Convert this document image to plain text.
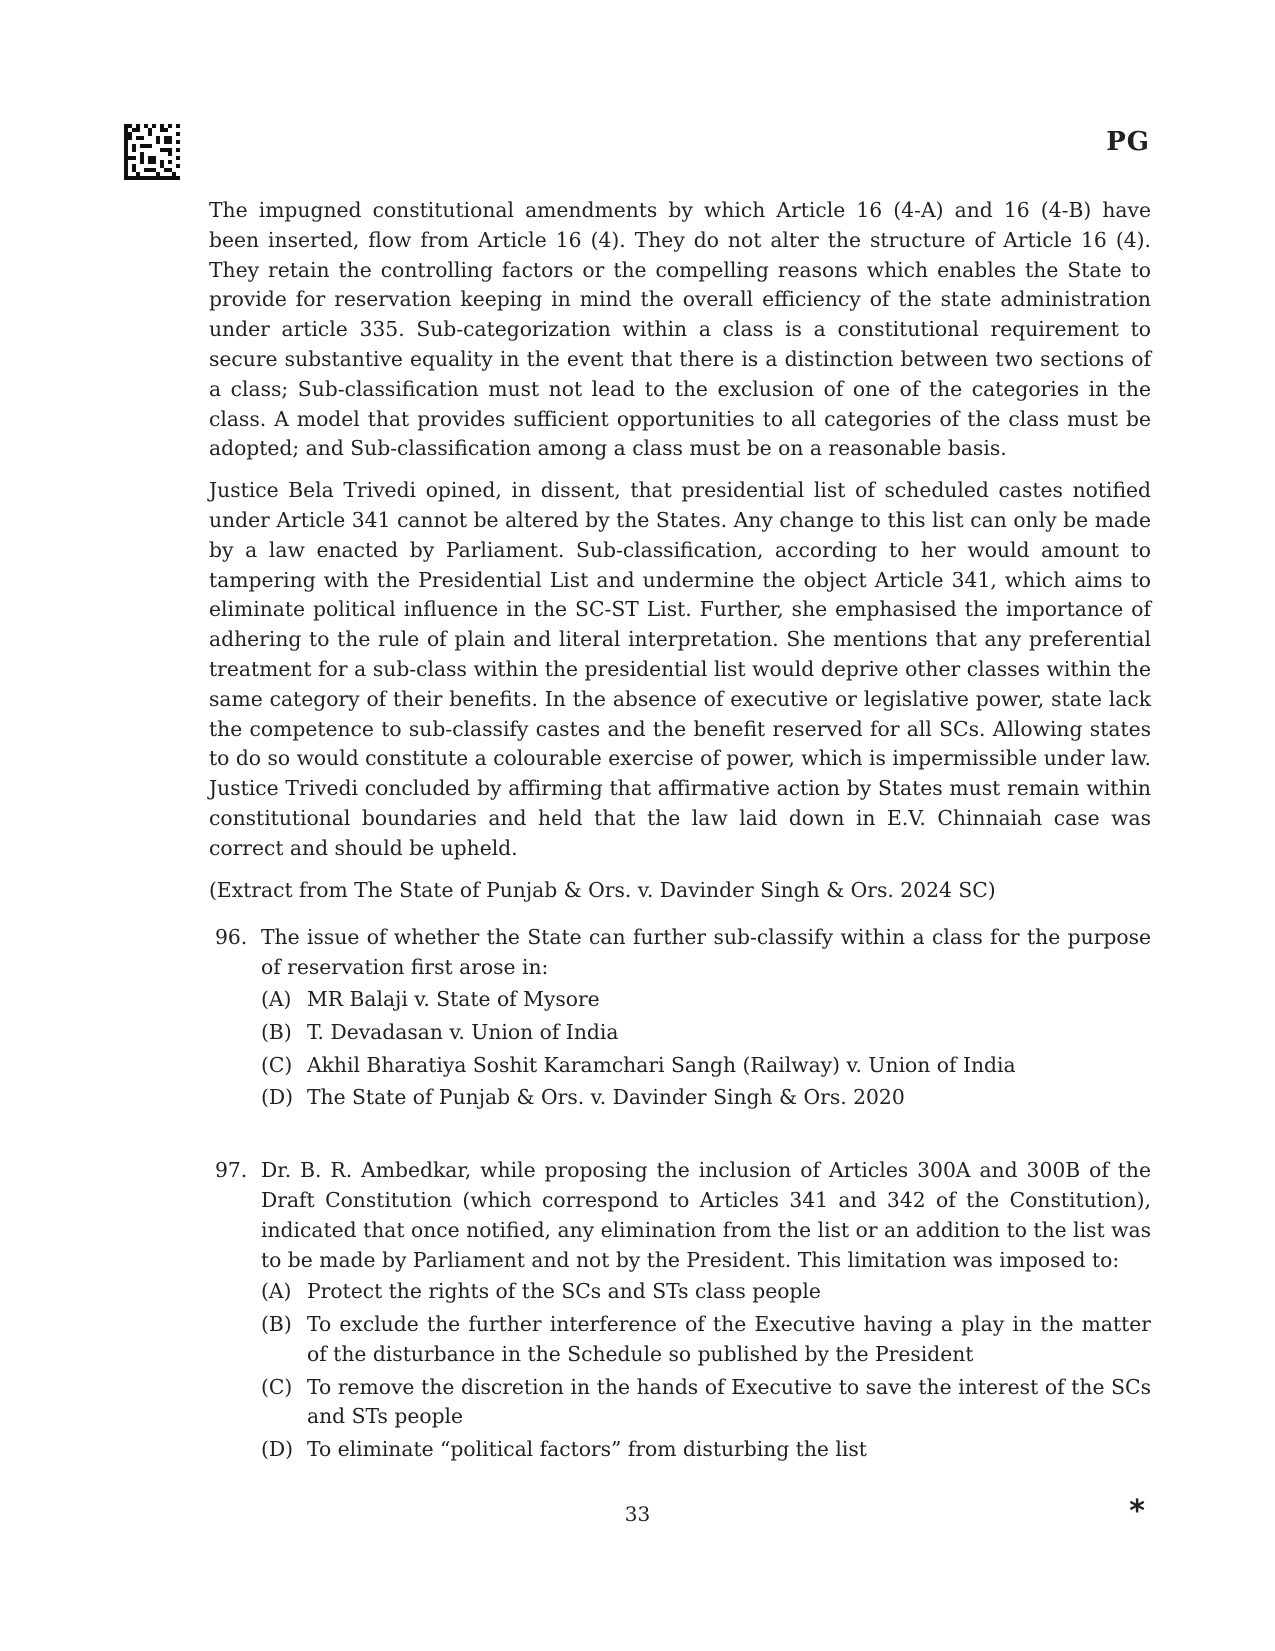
PG

The impugned constitutional amendments by which Article 16 (4-A) and 16 (4-B) have been inserted, flow from Article 16 (4). They do not alter the structure of Article 16 (4). They retain the controlling factors or the compelling reasons which enables the State to provide for reservation keeping in mind the overall efficiency of the state administration under article 335. Sub-categorization within a class is a constitutional requirement to secure substantive equality in the event that there is a distinction between two sections of a class; Sub-classification must not lead to the exclusion of one of the categories in the class. A model that provides sufficient opportunities to all categories of the class must be adopted; and Sub-classification among a class must be on a reasonable basis.

Justice Bela Trivedi opined, in dissent, that presidential list of scheduled castes notified under Article 341 cannot be altered by the States. Any change to this list can only be made by a law enacted by Parliament. Sub-classification, according to her would amount to tampering with the Presidential List and undermine the object Article 341, which aims to eliminate political influence in the SC-ST List. Further, she emphasised the importance of adhering to the rule of plain and literal interpretation. She mentions that any preferential treatment for a sub-class within the presidential list would deprive other classes within the same category of their benefits. In the absence of executive or legislative power, state lack the competence to sub-classify castes and the benefit reserved for all SCs. Allowing states to do so would constitute a colourable exercise of power, which is impermissible under law. Justice Trivedi concluded by affirming that affirmative action by States must remain within constitutional boundaries and held that the law laid down in E.V. Chinnaiah case was correct and should be upheld.

(Extract from The State of Punjab & Ors. v. Davinder Singh & Ors. 2024 SC)

96. The issue of whether the State can further sub-classify within a class for the purpose of reservation first arose in:

(A) MR Balaji v. State of Mysore
(B) T. Devadasan v. Union of India
(C) Akhil Bharatiya Soshit Karamchari Sangh (Railway) v. Union of India
(D) The State of Punjab & Ors. v. Davinder Singh & Ors. 2020
97. Dr. B. R. Ambedkar, while proposing the inclusion of Articles 300A and 300B of the Draft Constitution (which correspond to Articles 341 and 342 of the Constitution), indicated that once notified, any elimination from the list or an addition to the list was to be made by Parliament and not by the President. This limitation was imposed to:

(A) Protect the rights of the SCs and STs class people
(B) To exclude the further interference of the Executive having a play in the matter of the disturbance in the Schedule so published by the President
(C) To remove the discretion in the hands of Executive to save the interest of the SCs and STs people
(D) To eliminate “political factors” from disturbing the list
33	*
